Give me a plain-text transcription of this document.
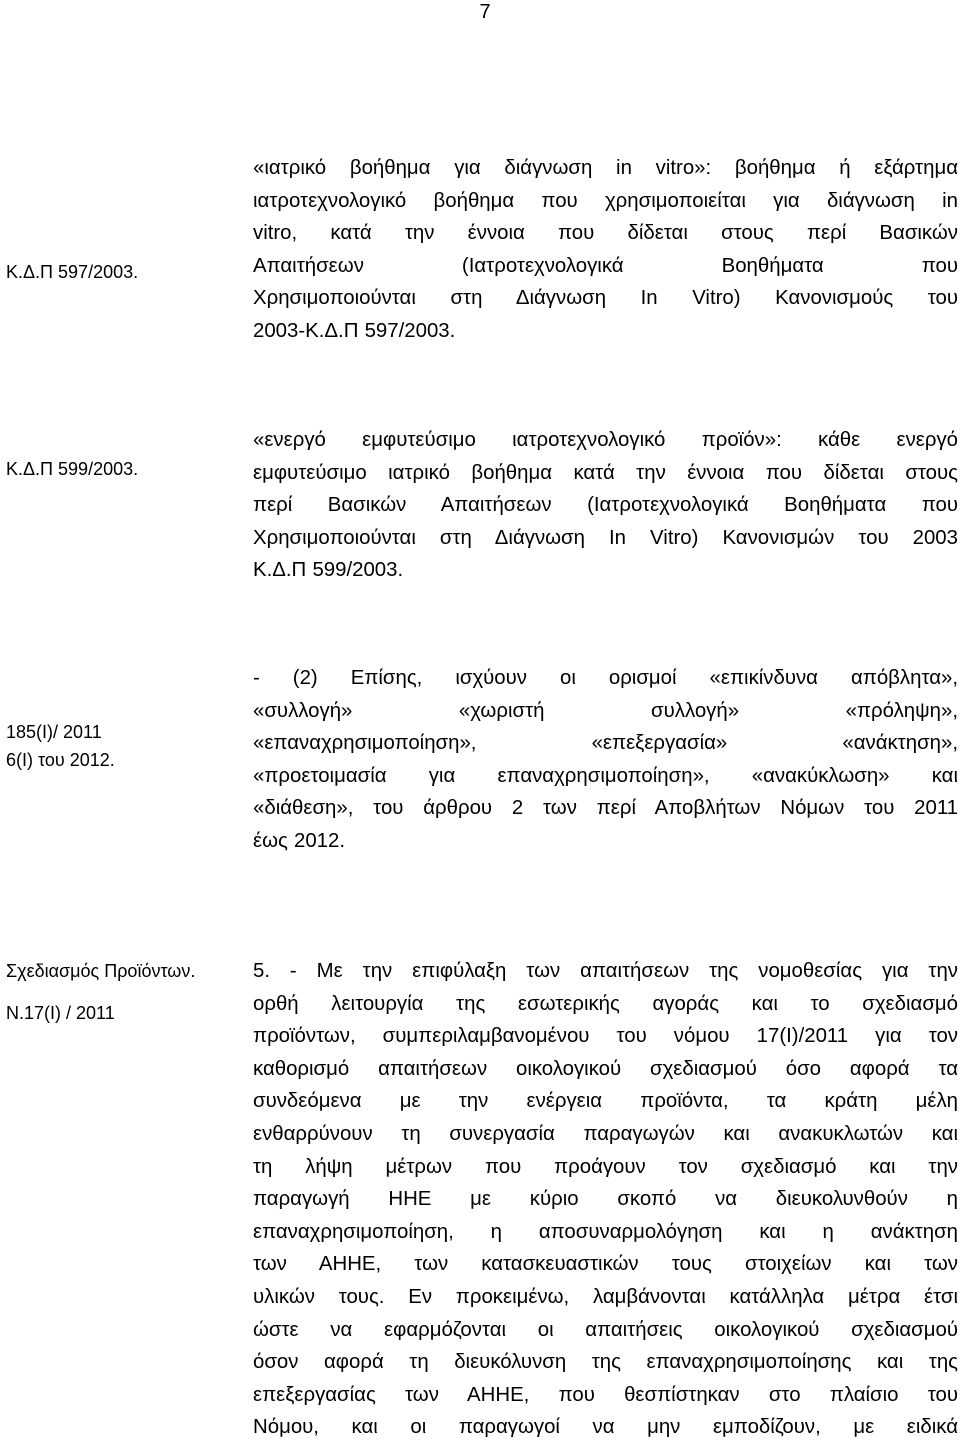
7
Κ.Δ.Π 597/2003.
«ιατρικό βοήθημα για διάγνωση in vitro»: βοήθημα ή εξάρτημα
ιατροτεχνολογικό βοήθημα που χρησιμοποιείται για διάγνωση in
vitro, κατά την έννοια που δίδεται στους περί Βασικών
Απαιτήσεων (Ιατροτεχνολογικά Βοηθήματα που
Χρησιμοποιούνται στη Διάγνωση In Vitro) Κανονισμούς του
2003-Κ.Δ.Π 597/2003.
Κ.Δ.Π 599/2003.
«ενεργό εμφυτεύσιμο ιατροτεχνολογικό προϊόν»: κάθε ενεργό
εμφυτεύσιμο ιατρικό βοήθημα κατά την έννοια που δίδεται στους
περί Βασικών Απαιτήσεων (Ιατροτεχνολογικά Βοηθήματα που
Χρησιμοποιούνται στη Διάγνωση In Vitro) Κανονισμών του 2003
Κ.Δ.Π 599/2003.
185(Ι)/ 2011
6(Ι) του 2012.
- (2) Επίσης, ισχύουν οι ορισμοί «επικίνδυνα απόβλητα»,
«συλλογή» «χωριστή συλλογή» «πρόληψη»,
«επαναχρησιμοποίηση», «επεξεργασία» «ανάκτηση»,
«προετοιμασία για επαναχρησιμοποίηση», «ανακύκλωση» και
«διάθεση», του άρθρου 2 των περί Αποβλήτων Νόμων του 2011
έως 2012.
Σχεδιασμός Προϊόντων.
Ν.17(Ι) / 2011
5. - Με την επιφύλαξη των απαιτήσεων της νομοθεσίας για την
ορθή λειτουργία της εσωτερικής αγοράς και το σχεδιασμό
προϊόντων, συμπεριλαμβανομένου του νόμου 17(Ι)/2011 για τον
καθορισμό απαιτήσεων οικολογικού σχεδιασμού όσο αφορά τα
συνδεόμενα με την ενέργεια προϊόντα, τα κράτη μέλη
ενθαρρύνουν τη συνεργασία παραγωγών και ανακυκλωτών και
τη λήψη μέτρων που προάγουν τον σχεδιασμό και την
παραγωγή ΗΗΕ με κύριο σκοπό να διευκολυνθούν η
επαναχρησιμοποίηση, η αποσυναρμολόγηση και η ανάκτηση
των ΑΗΗΕ, των κατασκευαστικών τους στοιχείων και των
υλικών τους. Εν προκειμένω, λαμβάνονται κατάλληλα μέτρα έτσι
ώστε να εφαρμόζονται οι απαιτήσεις οικολογικού σχεδιασμού
όσον αφορά τη διευκόλυνση της επαναχρησιμοποίησης και της
επεξεργασίας των ΑΗΗΕ, που θεσπίστηκαν στο πλαίσιο του
Νόμου, και οι παραγωγοί να μην εμποδίζουν, με ειδικά
